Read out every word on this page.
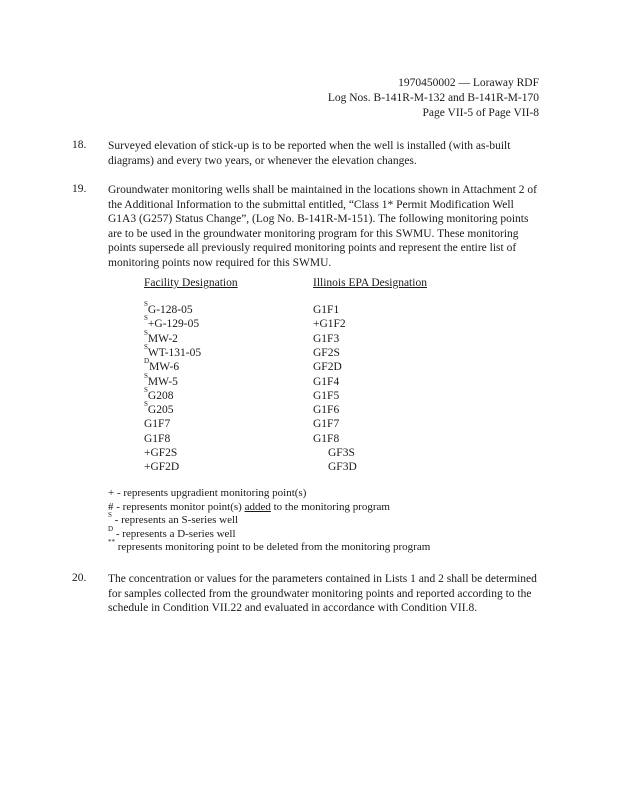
1970450002 — Loraway RDF
Log Nos. B-141R-M-132 and B-141R-M-170
Page VII-5 of Page VII-8
18. Surveyed elevation of stick-up is to be reported when the well is installed (with as-built diagrams) and every two years, or whenever the elevation changes.
19. Groundwater monitoring wells shall be maintained in the locations shown in Attachment 2 of the Additional Information to the submittal entitled, “Class 1* Permit Modification Well G1A3 (G257) Status Change”, (Log No. B-141R-M-151). The following monitoring points are to be used in the groundwater monitoring program for this SWMU. These monitoring points supersede all previously required monitoring points and represent the entire list of monitoring points now required for this SWMU.
Facility Designation	Illinois EPA Designation
$^S$G-128-05	G1F1
$^S$+G-129-05	+G1F2
$^S$MW-2	G1F3
$^S$WT-131-05	GF2S
$^D$MW-6	GF2D
$^S$MW-5	G1F4
$^S$G208	G1F5
$^S$G205	G1F6
G1F7	G1F7
G1F8	G1F8
+GF2S	GF3S
+GF2D	GF3D
+ - represents upgradient monitoring point(s)
# - represents monitor point(s) added to the monitoring program
$^S$ - represents an S-series well
$^D$ - represents a D-series well
** represents monitoring point to be deleted from the monitoring program
20. The concentration or values for the parameters contained in Lists 1 and 2 shall be determined for samples collected from the groundwater monitoring points and reported according to the schedule in Condition VII.22 and evaluated in accordance with Condition VII.8.
